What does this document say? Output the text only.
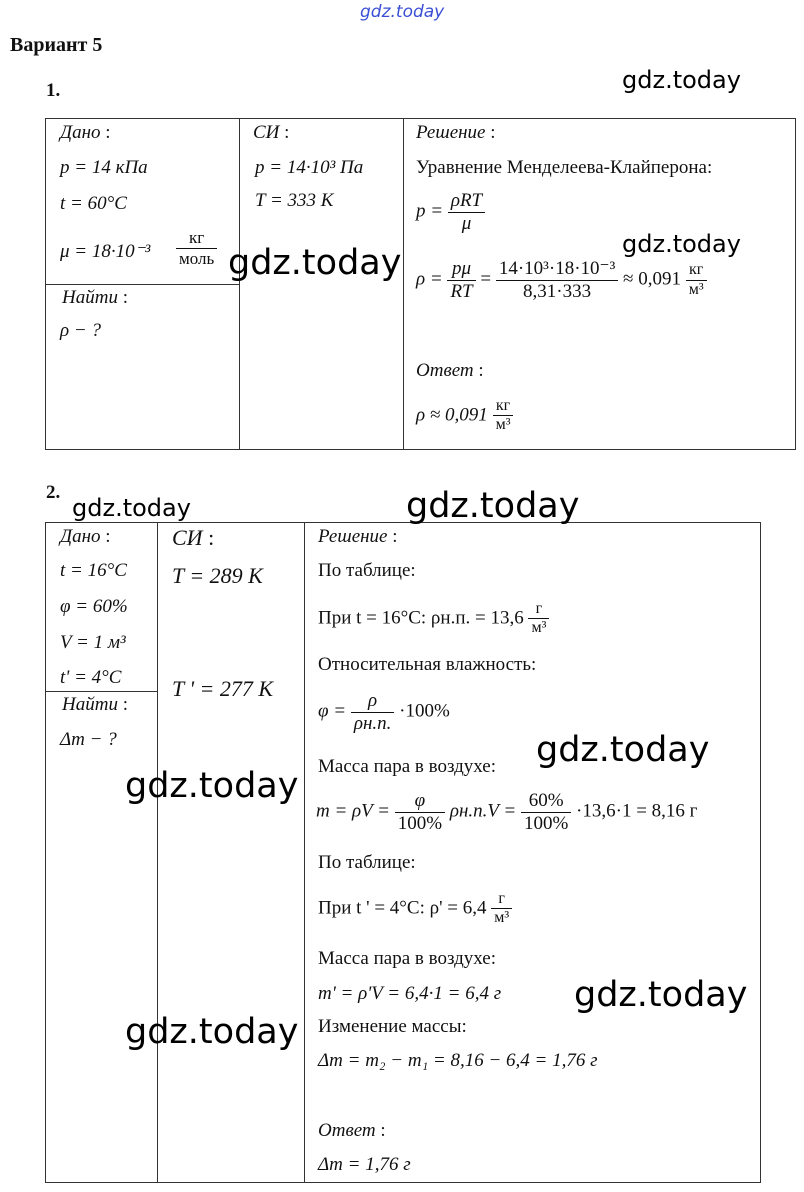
gdz.today
Вариант 5
1.
Дано :
p = 14 кПа
t = 60°C
$\mu = 18\cdot 10^{-3} \frac{кг}{\text{моль}}$
Найти :
ρ − ?
СИ :
p = 14·10³ Па
T = 333 К
Решение :
Уравнение Менделеева-Клайперона:
$p = \frac{\text{ρRT}}{\mu}$
$\rho = \frac{p\mu}{RT} = \frac{\text{14·10³·18·10⁻³}}{8,31\cdot 333} \approx 0,091 \frac{кг}{\text{м³}}$
Ответ :
$\rho \approx 0,091 \frac{кг}{\text{м³}}$
2.
Дано :
t = 16°C
φ = 60%
V = 1 м³
t' = 4°C
Найти :
Δm − ?
СИ :
T = 289 К
T ' = 277 К
Решение :
По таблице:
При t = 16°C: ρн.п. = $13,6 \frac{г}{\text{м³}}$
Относительная влажность:
$\varphi = \frac{\rho}{\rho н.п.} \cdot 100\%$
Масса пара в воздухе:
$m = \rho V = \frac{\varphi}{100\%} \rho н.п.V = \frac{60\%}{100\%} \cdot 13,6\cdot 1 = 8,16$ г
По таблице:
При t ' = 4°C: $\rho' = 6,4 \frac{г}{\text{м³}}$
Масса пара в воздухе:
m' = ρ'V = 6,4·1 = 6,4 г
Изменение массы:
Δm = m₂ − m₁ = 8,16 − 6,4 = 1,76 г
Ответ :
Δm = 1,76 г
gdz.today
gdz.today	gdz.today
gdz.today	gdz.today
gdz.today
gdz.today
gdz.today
gdz.today
